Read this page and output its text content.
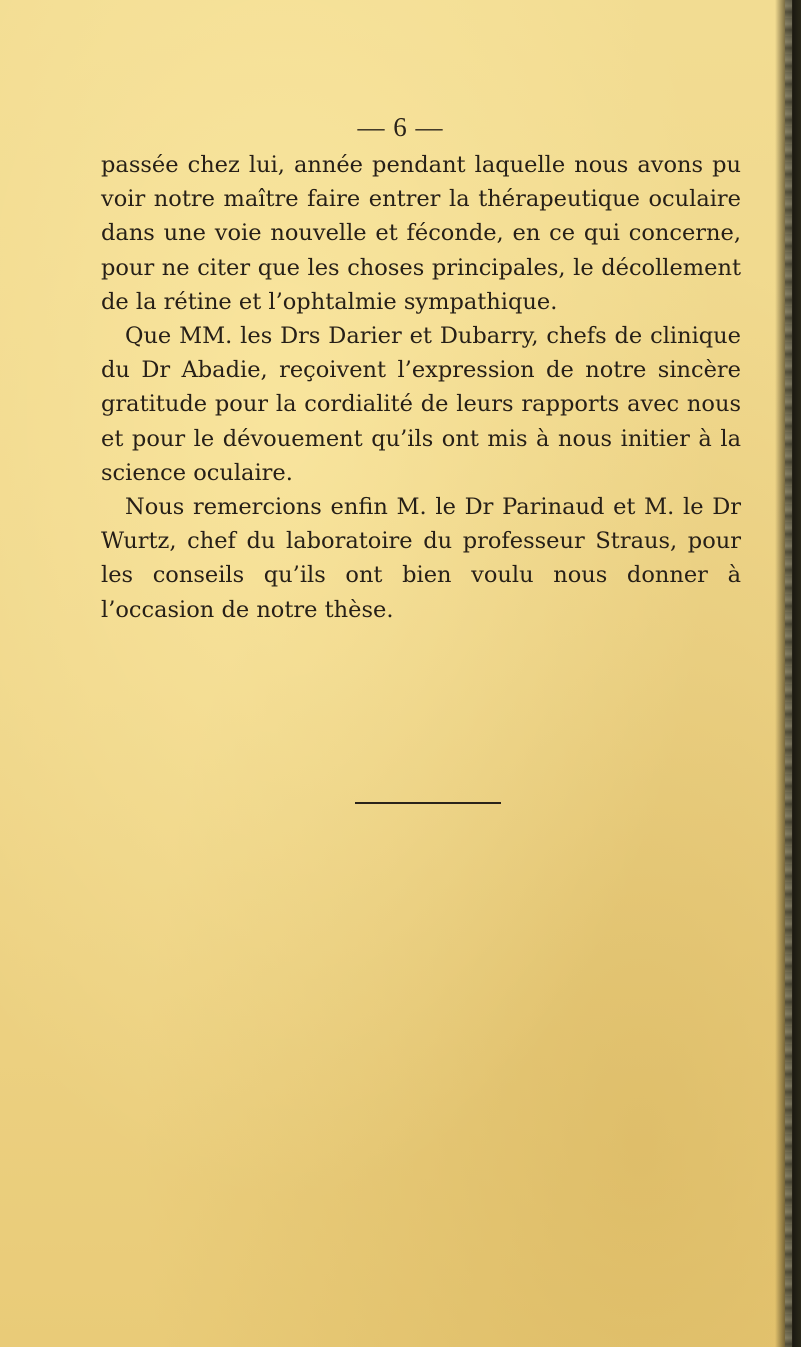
— 6 —

passée chez lui, année pendant laquelle nous avons pu voir notre maître faire entrer la thérapeutique oculaire dans une voie nouvelle et féconde, en ce qui concerne, pour ne citer que les choses principales, le décollement de la rétine et l’ophtalmie sympathique.

Que MM. les Drs Darier et Dubarry, chefs de clinique du Dr Abadie, reçoivent l’expression de notre sincère gratitude pour la cordialité de leurs rapports avec nous et pour le dévouement qu’ils ont mis à nous initier à la science oculaire.

Nous remercions enfin M. le Dr Parinaud et M. le Dr Wurtz, chef du laboratoire du professeur Straus, pour les conseils qu’ils ont bien voulu nous donner à l’occasion de notre thèse.
